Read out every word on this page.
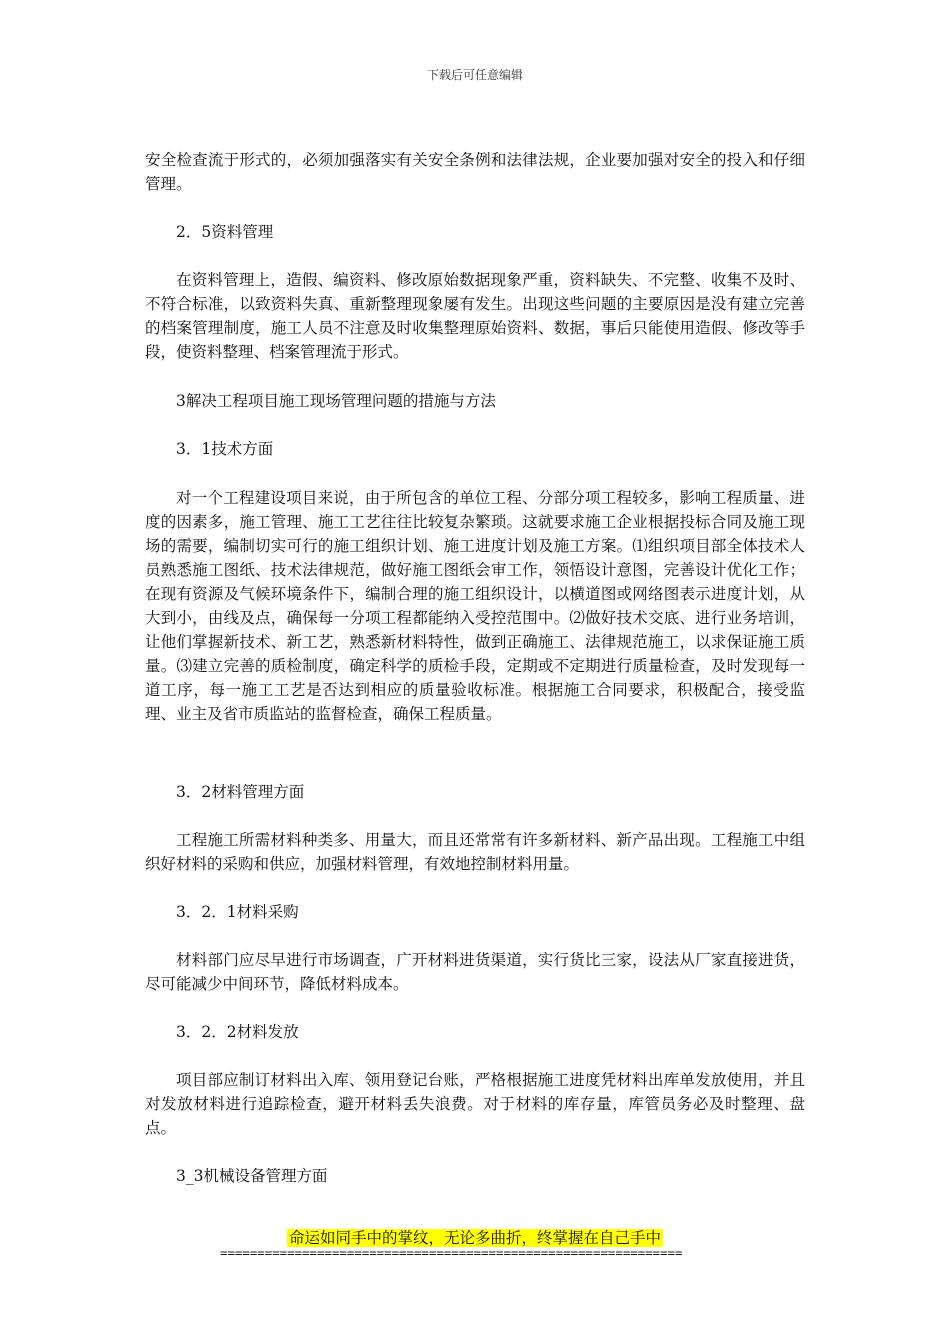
下载后可任意编辑
安全检查流于形式的，必须加强落实有关安全条例和法律法规，企业要加强对安全的投入和仔细管理。
2．5资料管理
在资料管理上，造假、编资料、修改原始数据现象严重，资料缺失、不完整、收集不及时、不符合标准，以致资料失真、重新整理现象屡有发生。出现这些问题的主要原因是没有建立完善的档案管理制度，施工人员不注意及时收集整理原始资料、数据，事后只能使用造假、修改等手段，使资料整理、档案管理流于形式。
3解决工程项目施工现场管理问题的措施与方法
3．1技术方面
对一个工程建设项目来说，由于所包含的单位工程、分部分项工程较多，影响工程质量、进度的因素多，施工管理、施工工艺往往比较复杂繁琐。这就要求施工企业根据投标合同及施工现场的需要，编制切实可行的施工组织计划、施工进度计划及施工方案。⑴组织项目部全体技术人员熟悉施工图纸、技术法律规范，做好施工图纸会审工作，领悟设计意图，完善设计优化工作；在现有资源及气候环境条件下，编制合理的施工组织设计，以横道图或网络图表示进度计划，从大到小，由线及点，确保每一分项工程都能纳入受控范围中。⑵做好技术交底、进行业务培训，让他们掌握新技术、新工艺，熟悉新材料特性，做到正确施工、法律规范施工，以求保证施工质量。⑶建立完善的质检制度，确定科学的质检手段，定期或不定期进行质量检查，及时发现每一道工序，每一施工工艺是否达到相应的质量验收标准。根据施工合同要求，积极配合，接受监理、业主及省市质监站的监督检查，确保工程质量。
3．2材料管理方面
工程施工所需材料种类多、用量大，而且还常常有许多新材料、新产品出现。工程施工中组织好材料的采购和供应，加强材料管理，有效地控制材料用量。
3．2．1材料采购
材料部门应尽早进行市场调查，广开材料进货渠道，实行货比三家，设法从厂家直接进货，尽可能减少中间环节，降低材料成本。
3．2．2材料发放
项目部应制订材料出入库、领用登记台账，严格根据施工进度凭材料出库单发放使用，并且对发放材料进行追踪检查，避开材料丢失浪费。对于材料的库存量，库管员务必及时整理、盘点。
3_3机械设备管理方面
命运如同手中的掌纹，无论多曲折，终掌握在自己手中
==============================================================
